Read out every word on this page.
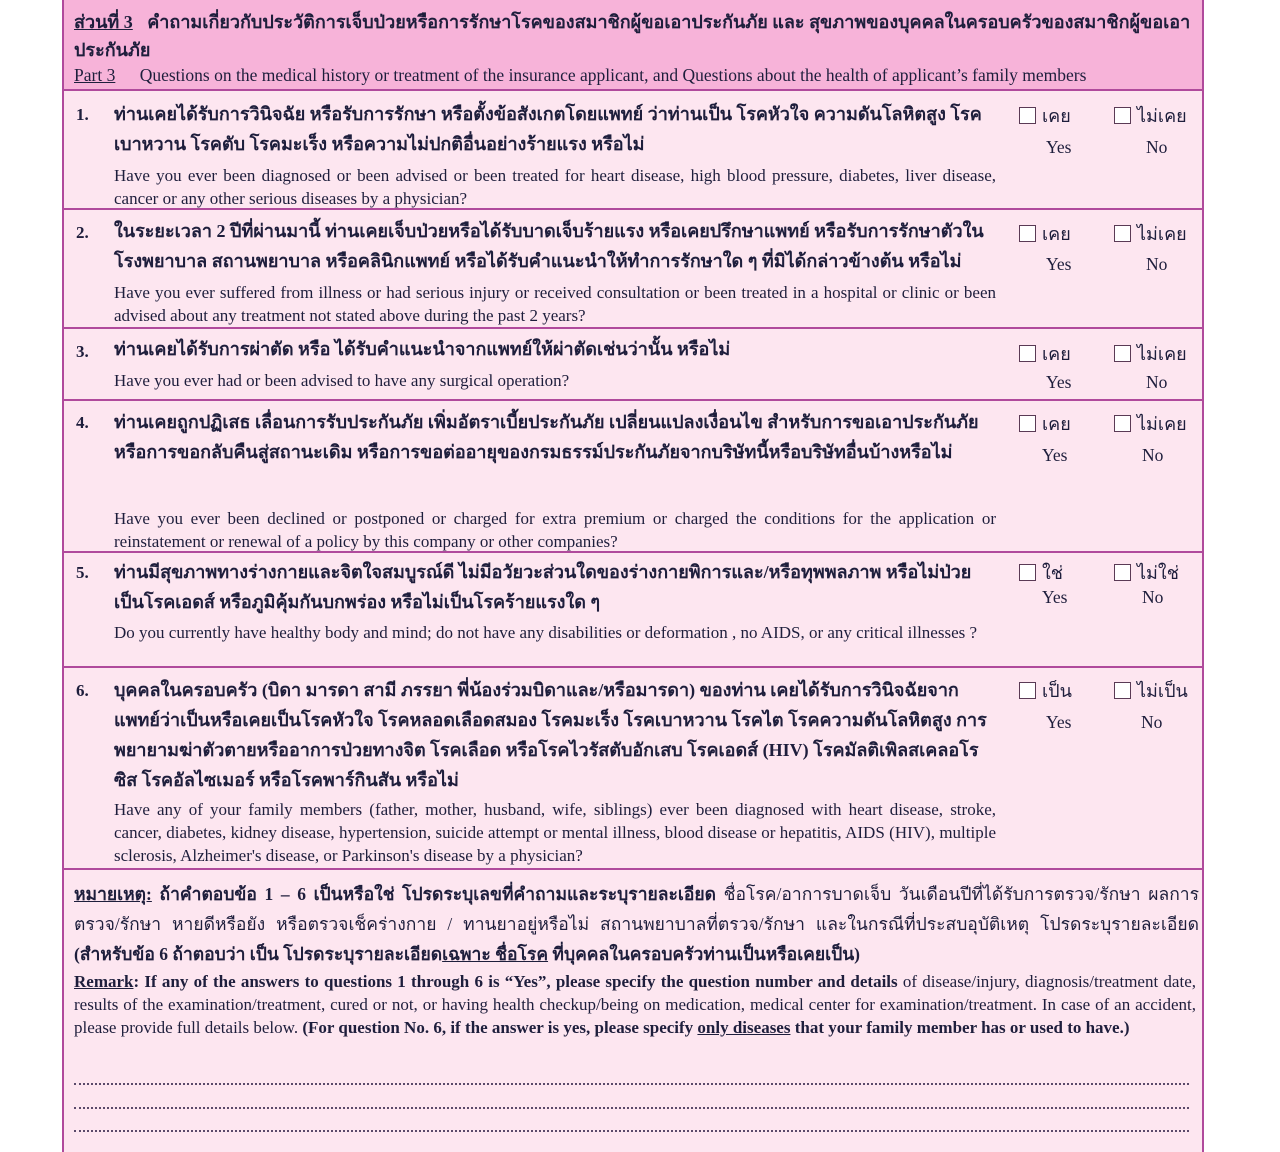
ส่วนที่ 3 คำถามเกี่ยวกับประวัติการเจ็บป่วยหรือการรักษาโรคของสมาชิกผู้ขอเอาประกันภัย และ สุขภาพของบุคคลในครอบครัวของสมาชิกผู้ขอเอาประกันภัย
Part 3 Questions on the medical history or treatment of the insurance applicant, and Questions about the health of applicant’s family members
1. ท่านเคยได้รับการวินิจฉัย หรือรับการรักษา หรือตั้งข้อสังเกตโดยแพทย์ ว่าท่านเป็น โรคหัวใจ ความดันโลหิตสูง โรคเบาหวาน โรคตับ โรคมะเร็ง หรือความไม่ปกติอื่นอย่างร้ายแรง หรือไม่
Have you ever been diagnosed or been advised or been treated for heart disease, high blood pressure, diabetes, liver disease, cancer or any other serious diseases by a physician?
เคย	ไม่เคย
Yes	No
2. ในระยะเวลา 2 ปีที่ผ่านมานี้ ท่านเคยเจ็บป่วยหรือได้รับบาดเจ็บร้ายแรง หรือเคยปรึกษาแพทย์ หรือรับการรักษาตัวในโรงพยาบาล สถานพยาบาล หรือคลินิกแพทย์ หรือได้รับคำแนะนำให้ทำการรักษาใด ๆ ที่มิได้กล่าวข้างต้น หรือไม่
Have you ever suffered from illness or had serious injury or received consultation or been treated in a hospital or clinic or been advised about any treatment not stated above during the past 2 years?
เคย	ไม่เคย
Yes	No
3. ท่านเคยได้รับการผ่าตัด หรือ ได้รับคำแนะนำจากแพทย์ให้ผ่าตัดเช่นว่านั้น หรือไม่
Have you ever had or been advised to have any surgical operation?
เคย	ไม่เคย
Yes	No
4. ท่านเคยถูกปฏิเสธ เลื่อนการรับประกันภัย เพิ่มอัตราเบี้ยประกันภัย เปลี่ยนแปลงเงื่อนไข สำหรับการขอเอาประกันภัยหรือการขอกลับคืนสู่สถานะเดิม หรือการขอต่ออายุของกรมธรรม์ประกันภัยจากบริษัทนี้หรือบริษัทอื่นบ้างหรือไม่
Have you ever been declined or postponed or charged for extra premium or charged the conditions for the application or reinstatement or renewal of a policy by this company or other companies?
เคย	ไม่เคย
Yes	No
5. ท่านมีสุขภาพทางร่างกายและจิตใจสมบูรณ์ดี ไม่มีอวัยวะส่วนใดของร่างกายพิการและ/หรือทุพพลภาพ หรือไม่ป่วยเป็นโรคเอดส์ หรือภูมิคุ้มกันบกพร่อง หรือไม่เป็นโรคร้ายแรงใด ๆ
Do you currently have healthy body and mind; do not have any disabilities or deformation , no AIDS, or any critical illnesses ?
ใช่	ไม่ใช่
Yes	No
6. บุคคลในครอบครัว (บิดา มารดา สามี ภรรยา พี่น้องร่วมบิดาและ/หรือมารดา) ของท่าน เคยได้รับการวินิจฉัยจากแพทย์ว่าเป็นหรือเคยเป็นโรคหัวใจ โรคหลอดเลือดสมอง โรคมะเร็ง โรคเบาหวาน โรคไต โรคความดันโลหิตสูง การพยายามฆ่าตัวตายหรืออาการป่วยทางจิต โรคเลือด หรือโรคไวรัสตับอักเสบ โรคเอดส์ (HIV) โรคมัลติเพิลสเคลอโรซิส โรคอัลไซเมอร์ หรือโรคพาร์กินสัน หรือไม่
Have any of your family members (father, mother, husband, wife, siblings) ever been diagnosed with heart disease, stroke, cancer, diabetes, kidney disease, hypertension, suicide attempt or mental illness, blood disease or hepatitis, AIDS (HIV), multiple sclerosis, Alzheimer's disease, or Parkinson's disease by a physician?
เป็น	ไม่เป็น
Yes	No
หมายเหตุ: ถ้าคำตอบข้อ 1 – 6 เป็นหรือใช่ โปรดระบุเลขที่คำถามและระบุรายละเอียด ชื่อโรค/อาการบาดเจ็บ วันเดือนปีที่ได้รับการตรวจ/รักษา ผลการตรวจ/รักษา หายดีหรือยัง หรือตรวจเช็คร่างกาย / ทานยาอยู่หรือไม่ สถานพยาบาลที่ตรวจ/รักษา และในกรณีที่ประสบอุบัติเหตุ โปรดระบุรายละเอียด (สำหรับข้อ 6 ถ้าตอบว่า เป็น โปรดระบุรายละเอียดเฉพาะ ชื่อโรค ที่บุคคลในครอบครัวท่านเป็นหรือเคยเป็น)
Remark: If any of the answers to questions 1 through 6 is “Yes”, please specify the question number and details of disease/injury, diagnosis/treatment date, results of the examination/treatment, cured or not, or having health checkup/being on medication, medical center for examination/treatment. In case of an accident, please provide full details below. (For question No. 6, if the answer is yes, please specify only diseases that your family member has or used to have.)
